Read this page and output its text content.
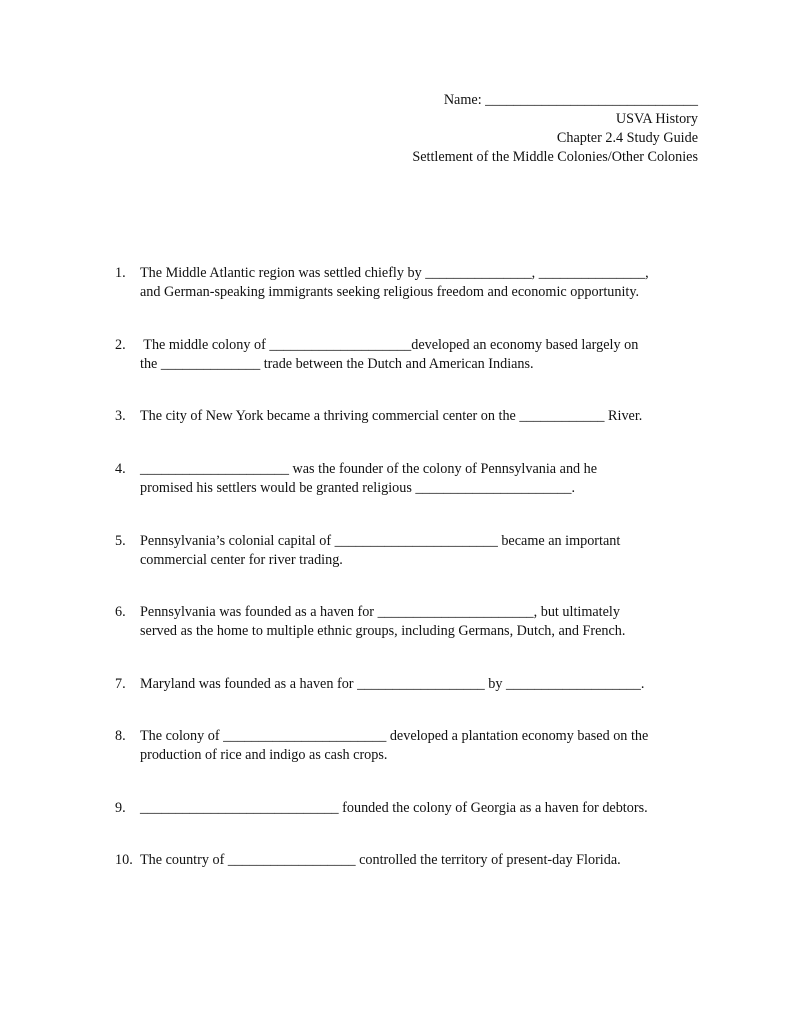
Name: ______________________________
USVA History
Chapter 2.4 Study Guide
Settlement of the Middle Colonies/Other Colonies
1. The Middle Atlantic region was settled chiefly by _______________, _______________,
and German-speaking immigrants seeking religious freedom and economic opportunity.
2. The middle colony of ____________________developed an economy based largely on
the ______________ trade between the Dutch and American Indians.
3. The city of New York became a thriving commercial center on the ____________ River.
4. _____________________ was the founder of the colony of Pennsylvania and he
promised his settlers would be granted religious ______________________.
5. Pennsylvania’s colonial capital of _______________________ became an important
commercial center for river trading.
6. Pennsylvania was founded as a haven for ______________________, but ultimately
served as the home to multiple ethnic groups, including Germans, Dutch, and French.
7. Maryland was founded as a haven for __________________ by ___________________.
8. The colony of _______________________ developed a plantation economy based on the
production of rice and indigo as cash crops.
9. ____________________________ founded the colony of Georgia as a haven for debtors.
10. The country of __________________ controlled the territory of present-day Florida.
